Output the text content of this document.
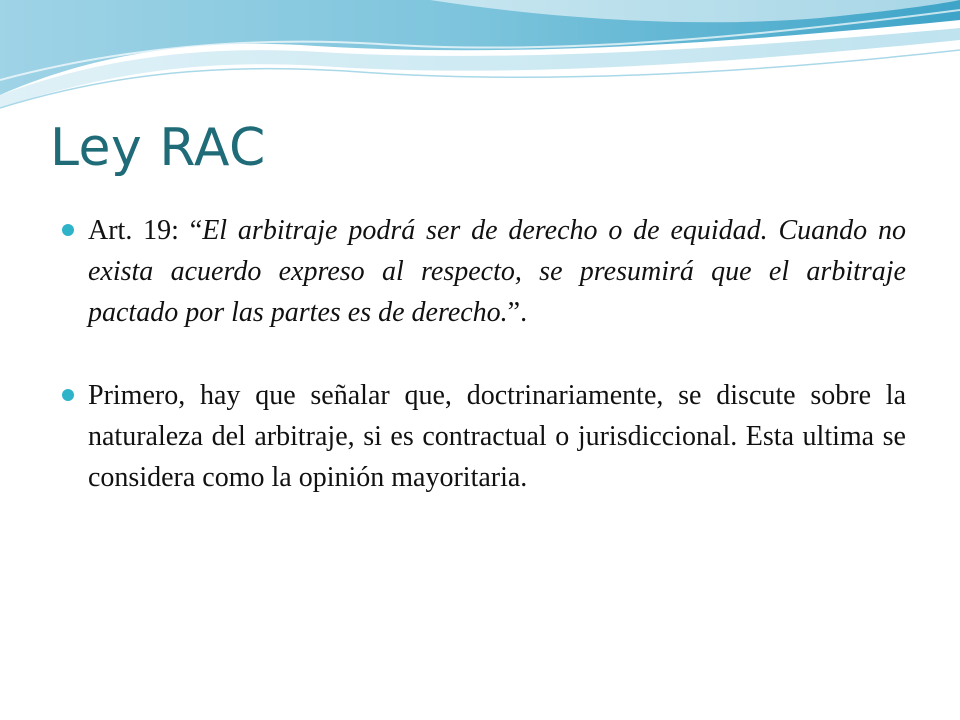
Ley RAC

Art. 19: “El arbitraje podrá ser de derecho o de equidad. Cuando no exista acuerdo expreso al respecto, se presumirá que el arbitraje pactado por las partes es de derecho.”.

Primero, hay que señalar que, doctrinariamente, se discute sobre la naturaleza del arbitraje, si es contractual o jurisdiccional. Esta ultima se considera como la opinión mayoritaria.
